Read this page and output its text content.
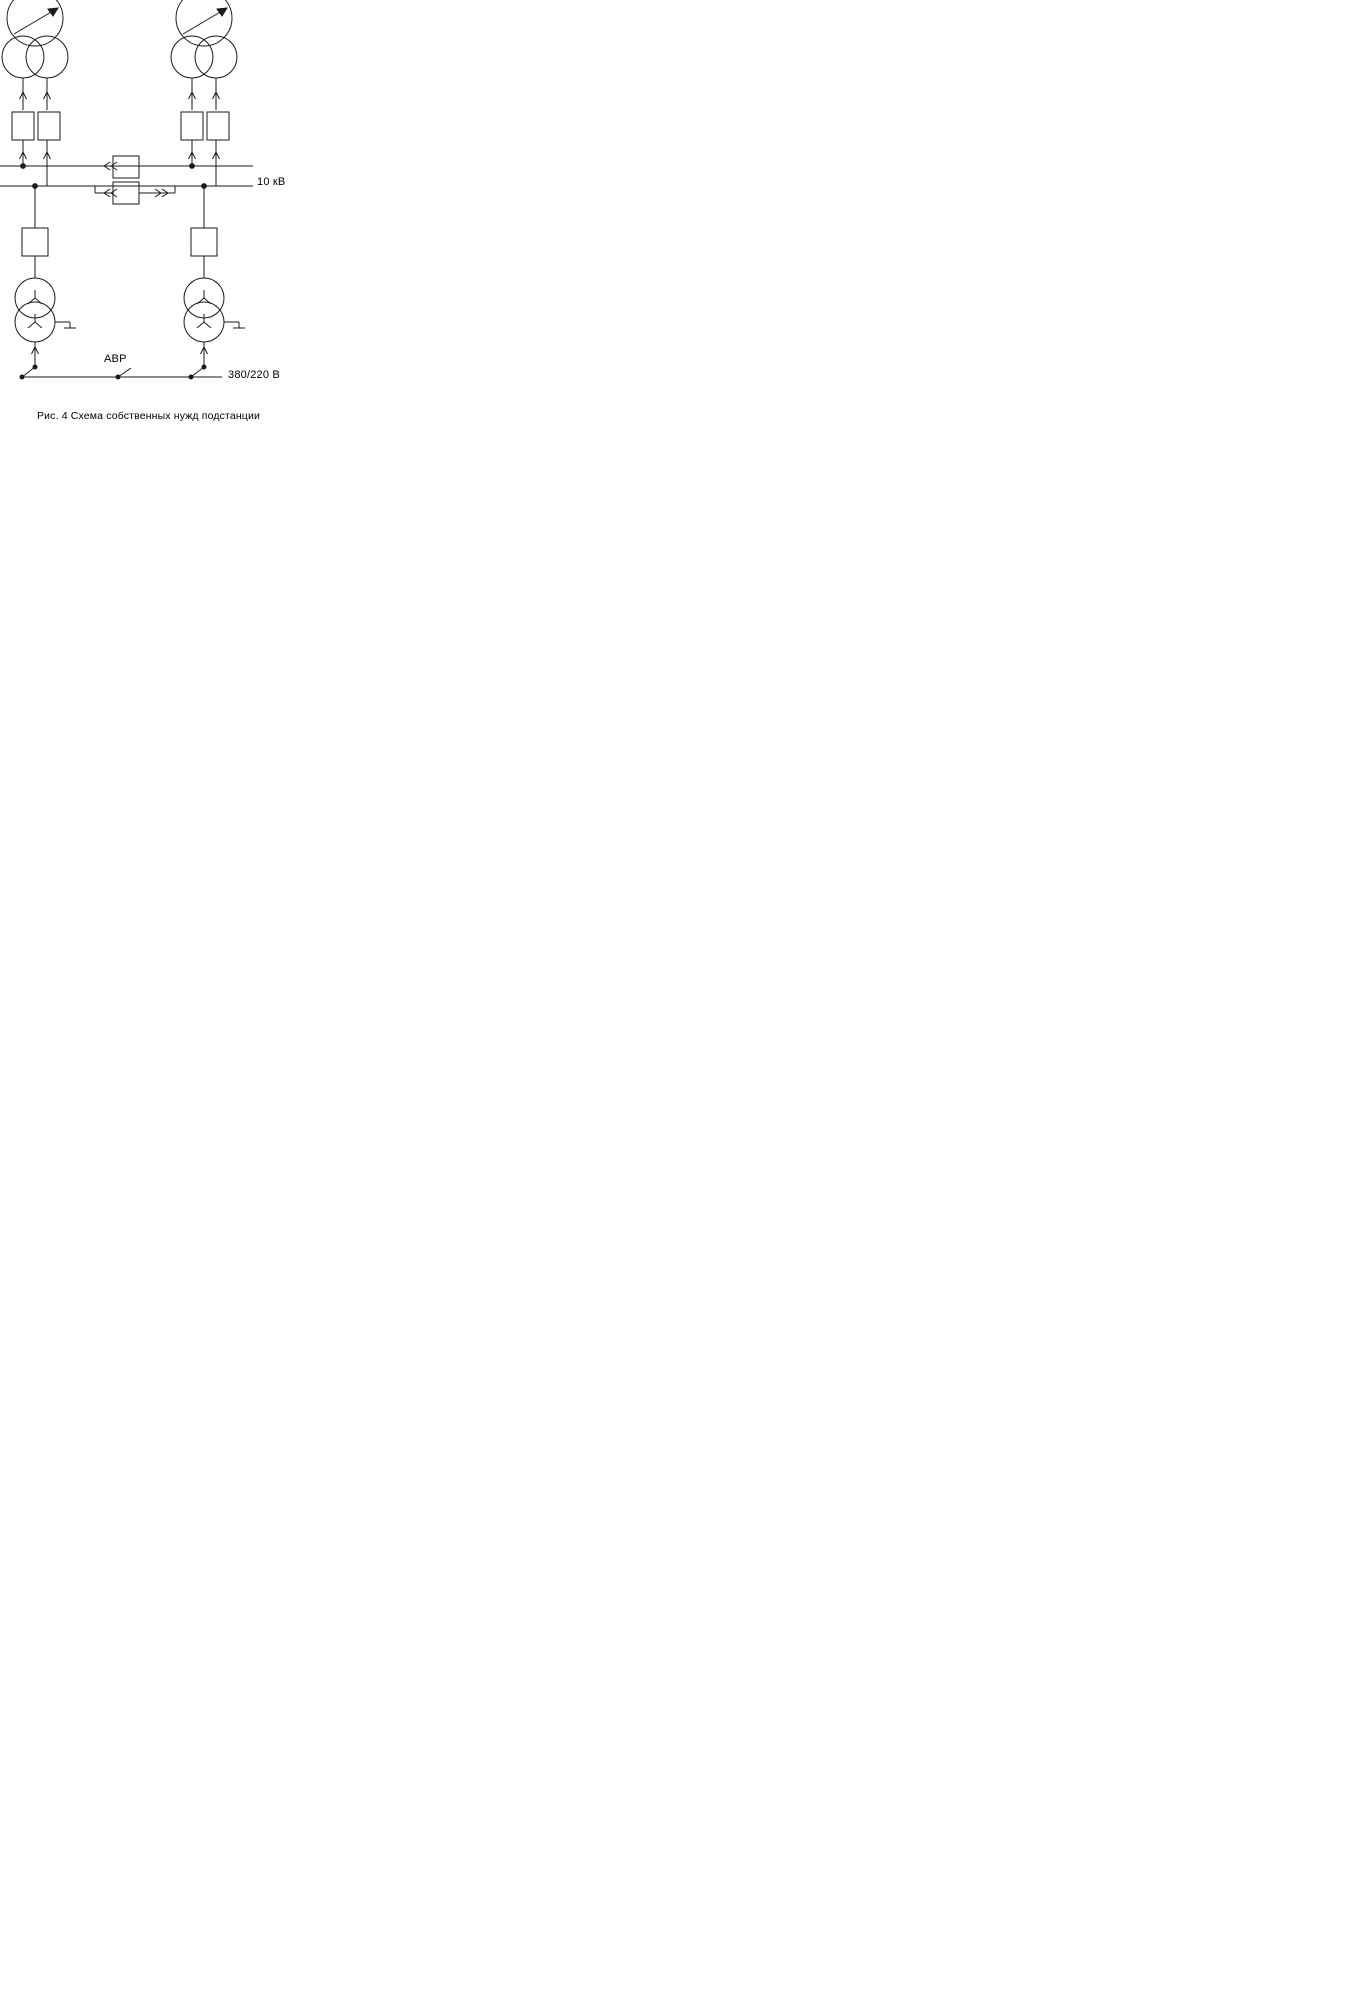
10 кВ
АВР
380/220 В
Рис. 4 Схема собственных нужд подстанции
